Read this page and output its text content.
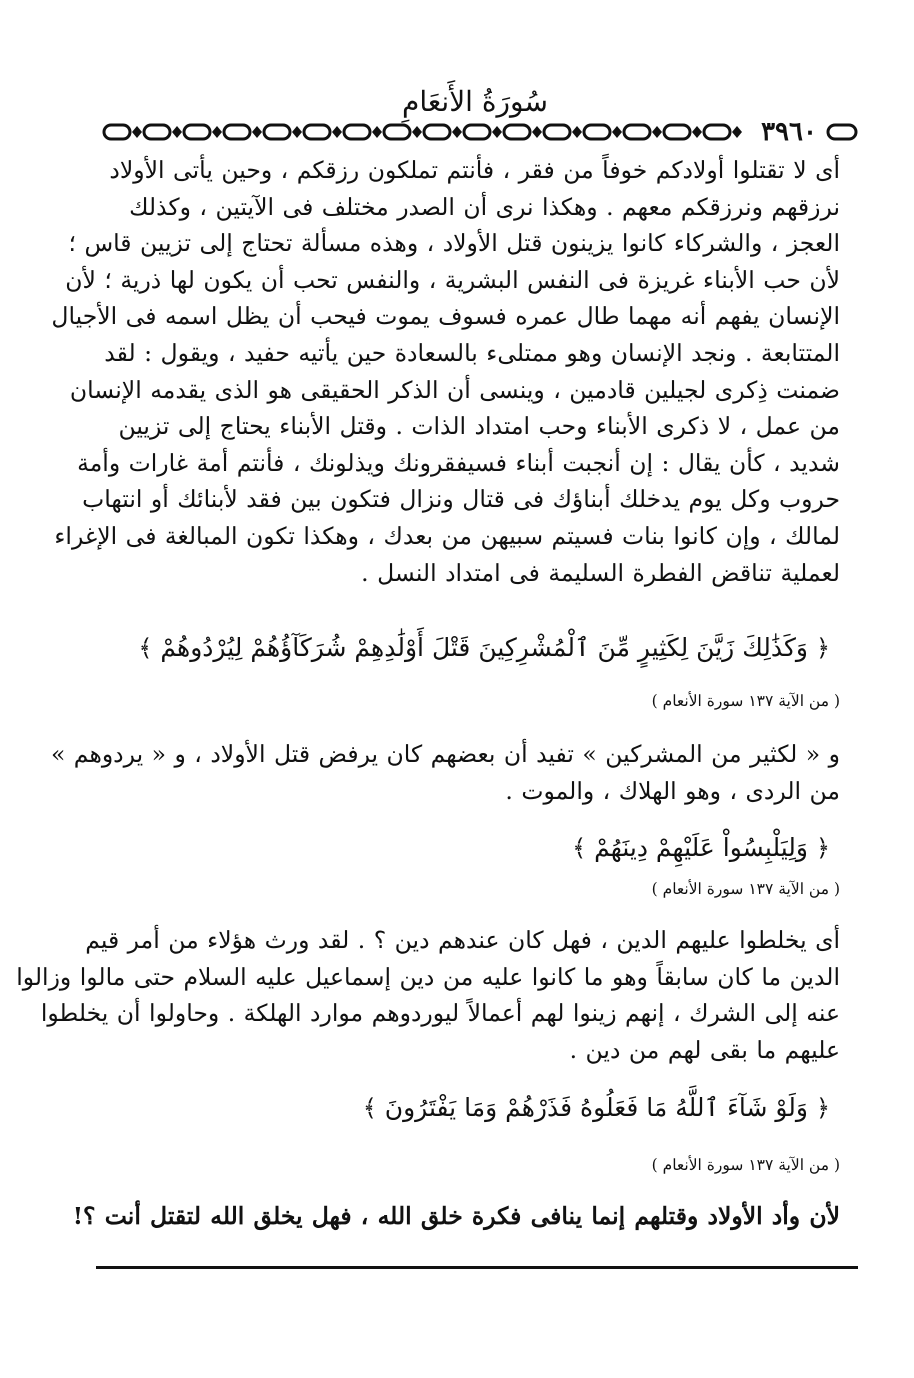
سُورَةُ الأَنعَامِ
٣٩٦٠
أى لا تقتلوا أولادكم خوفاً من فقر ، فأنتم تملكون رزقكم ، وحين يأتى الأولاد
نرزقهم ونرزقكم معهم . وهكذا نرى أن الصدر مختلف فى الآيتين ، وكذلك
العجز ، والشركاء كانوا يزينون قتل الأولاد ، وهذه مسألة تحتاج إلى تزيين قاس ؛
لأن حب الأبناء غريزة فى النفس البشرية ، والنفس تحب أن يكون لها ذرية ؛ لأن
الإنسان يفهم أنه مهما طال عمره فسوف يموت فيحب أن يظل اسمه فى الأجيال
المتتابعة . ونجد الإنسان وهو ممتلىء بالسعادة حين يأتيه حفيد ، ويقول : لقد
ضمنت ذِكرى لجيلين قادمين ، وينسى أن الذكر الحقيقى هو الذى يقدمه الإنسان
من عمل ، لا ذكرى الأبناء وحب امتداد الذات . وقتل الأبناء يحتاج إلى تزيين
شديد ، كأن يقال : إن أنجبت أبناء فسيفقرونك ويذلونك ، فأنتم أمة غارات وأمة
حروب وكل يوم يدخلك أبناؤك فى قتال ونزال فتكون بين فقد لأبنائك أو انتهاب
لمالك ، وإن كانوا بنات فسيتم سبيهن من بعدك ، وهكذا تكون المبالغة فى الإغراء
لعملية تناقض الفطرة السليمة فى امتداد النسل .
﴿ وَكَذَٰلِكَ زَيَّنَ لِكَثِيرٍ مِّنَ ٱلْمُشْرِكِينَ قَتْلَ أَوْلَٰدِهِمْ شُرَكَآؤُهُمْ لِيُرْدُوهُمْ ﴾
( من الآية ١٣٧ سورة الأنعام )
و « لكثير من المشركين » تفيد أن بعضهم كان يرفض قتل الأولاد ، و « يردوهم »
من الردى ، وهو الهلاك ، والموت .
﴿ وَلِيَلْبِسُواْ عَلَيْهِمْ دِينَهُمْ ﴾
( من الآية ١٣٧ سورة الأنعام )
أى يخلطوا عليهم الدين ، فهل كان عندهم دين ؟ . لقد ورث هؤلاء من أمر قيم
الدين ما كان سابقاً وهو ما كانوا عليه من دين إسماعيل عليه السلام حتى مالوا وزالوا
عنه إلى الشرك ، إنهم زينوا لهم أعمالاً ليوردوهم موارد الهلكة . وحاولوا أن يخلطوا
عليهم ما بقى لهم من دين .
﴿ وَلَوْ شَآءَ ٱللَّهُ مَا فَعَلُوهُ فَذَرْهُمْ وَمَا يَفْتَرُونَ ﴾
( من الآية ١٣٧ سورة الأنعام )
لأن وأد الأولاد وقتلهم إنما ينافى فكرة خلق الله ، فهل يخلق الله لتقتل أنت ؟!
